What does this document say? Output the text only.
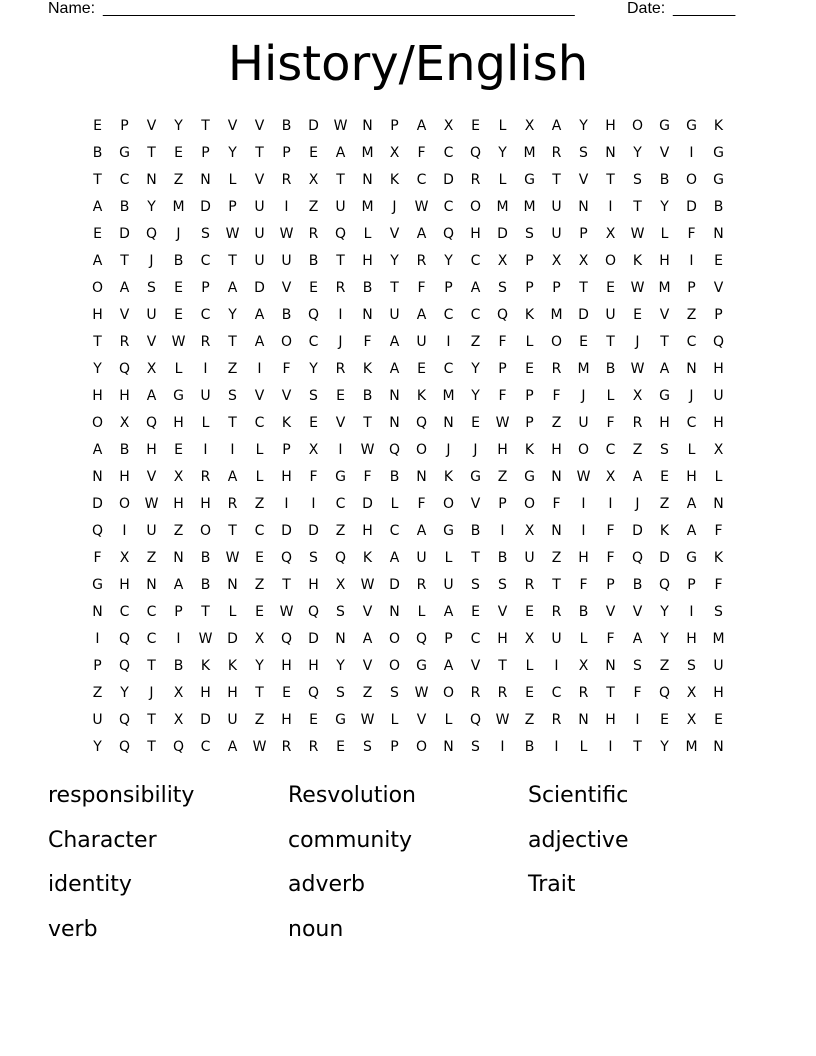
Name: _____________________________________________________	Date: _______
History/English
E	P	V	Y	T	V	V	B	D	W	N	P	A	X	E	L	X	A	Y	H	O	G	G	K
B	G	T	E	P	Y	T	P	E	A	M	X	F	C	Q	Y	M	R	S	N	Y	V	I	G
T	C	N	Z	N	L	V	R	X	T	N	K	C	D	R	L	G	T	V	T	S	B	O	G
A	B	Y	M	D	P	U	I	Z	U	M	J	W	C	O	M	M	U	N	I	T	Y	D	B
E	D	Q	J	S	W	U	W	R	Q	L	V	A	Q	H	D	S	U	P	X	W	L	F	N
A	T	J	B	C	T	U	U	B	T	H	Y	R	Y	C	X	P	X	X	O	K	H	I	E
O	A	S	E	P	A	D	V	E	R	B	T	F	P	A	S	P	P	T	E	W	M	P	V
H	V	U	E	C	Y	A	B	Q	I	N	U	A	C	C	Q	K	M	D	U	E	V	Z	P
T	R	V	W	R	T	A	O	C	J	F	A	U	I	Z	F	L	O	E	T	J	T	C	Q
Y	Q	X	L	I	Z	I	F	Y	R	K	A	E	C	Y	P	E	R	M	B	W	A	N	H
H	H	A	G	U	S	V	V	S	E	B	N	K	M	Y	F	P	F	J	L	X	G	J	U
O	X	Q	H	L	T	C	K	E	V	T	N	Q	N	E	W	P	Z	U	F	R	H	C	H
A	B	H	E	I	I	L	P	X	I	W	Q	O	J	J	H	K	H	O	C	Z	S	L	X
N	H	V	X	R	A	L	H	F	G	F	B	N	K	G	Z	G	N	W	X	A	E	H	L
D	O	W	H	H	R	Z	I	I	C	D	L	F	O	V	P	O	F	I	I	J	Z	A	N
Q	I	U	Z	O	T	C	D	D	Z	H	C	A	G	B	I	X	N	I	F	D	K	A	F
F	X	Z	N	B	W	E	Q	S	Q	K	A	U	L	T	B	U	Z	H	F	Q	D	G	K
G	H	N	A	B	N	Z	T	H	X	W	D	R	U	S	S	R	T	F	P	B	Q	P	F
N	C	C	P	T	L	E	W	Q	S	V	N	L	A	E	V	E	R	B	V	V	Y	I	S
I	Q	C	I	W	D	X	Q	D	N	A	O	Q	P	C	H	X	U	L	F	A	Y	H	M
P	Q	T	B	K	K	Y	H	H	Y	V	O	G	A	V	T	L	I	X	N	S	Z	S	U
Z	Y	J	X	H	H	T	E	Q	S	Z	S	W	O	R	R	E	C	R	T	F	Q	X	H
U	Q	T	X	D	U	Z	H	E	G	W	L	V	L	Q	W	Z	R	N	H	I	E	X	E
Y	Q	T	Q	C	A	W	R	R	E	S	P	O	N	S	I	B	I	L	I	T	Y	M	N
responsibility	Resvolution	Scientific
Character	community	adjective
identity	adverb	Trait
verb	noun
